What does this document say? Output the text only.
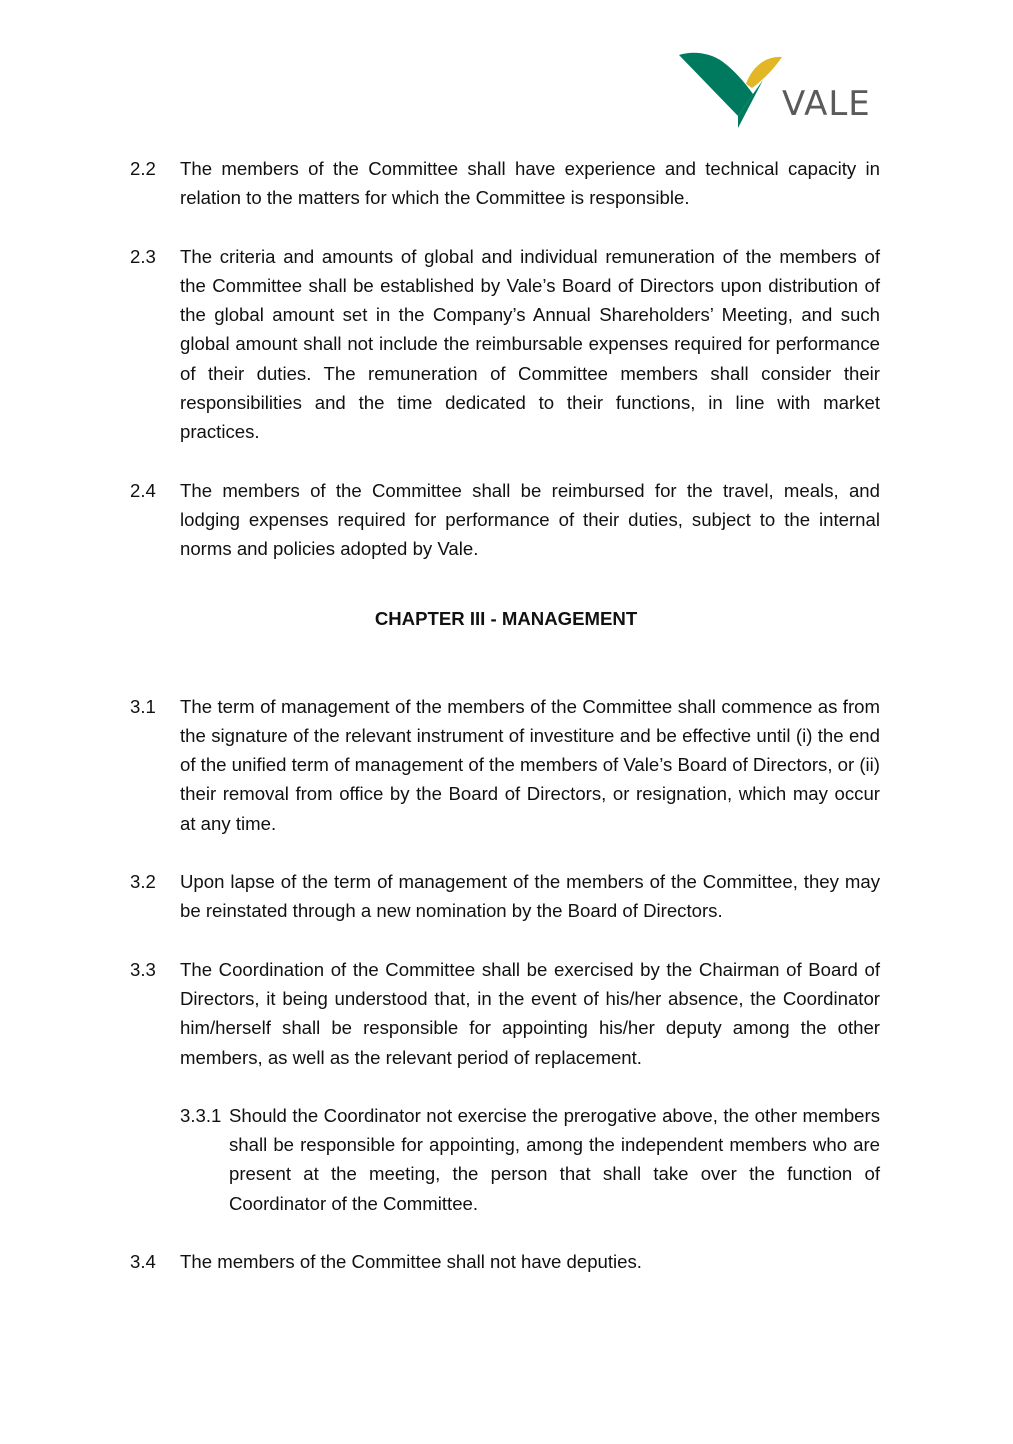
VALE
2.2	The members of the Committee shall have experience and technical capacity in relation to the matters for which the Committee is responsible.
2.3	The criteria and amounts of global and individual remuneration of the members of the Committee shall be established by Vale’s Board of Directors upon distribution of the global amount set in the Company’s Annual Shareholders’ Meeting, and such global amount shall not include the reimbursable expenses required for performance of their duties. The remuneration of Committee members shall consider their responsibilities and the time dedicated to their functions, in line with market practices.
2.4	The members of the Committee shall be reimbursed for the travel, meals, and lodging expenses required for performance of their duties, subject to the internal norms and policies adopted by Vale.
CHAPTER III - MANAGEMENT
3.1	The term of management of the members of the Committee shall commence as from the signature of the relevant instrument of investiture and be effective until (i) the end of the unified term of management of the members of Vale’s Board of Directors, or (ii) their removal from office by the Board of Directors, or resignation, which may occur at any time.
3.2	Upon lapse of the term of management of the members of the Committee, they may be reinstated through a new nomination by the Board of Directors.
3.3	The Coordination of the Committee shall be exercised by the Chairman of Board of Directors, it being understood that, in the event of his/her absence, the Coordinator him/herself shall be responsible for appointing his/her deputy among the other members, as well as the relevant period of replacement.
3.3.1 Should the Coordinator not exercise the prerogative above, the other members shall be responsible for appointing, among the independent members who are present at the meeting, the person that shall take over the function of Coordinator of the Committee.
3.4	The members of the Committee shall not have deputies.
